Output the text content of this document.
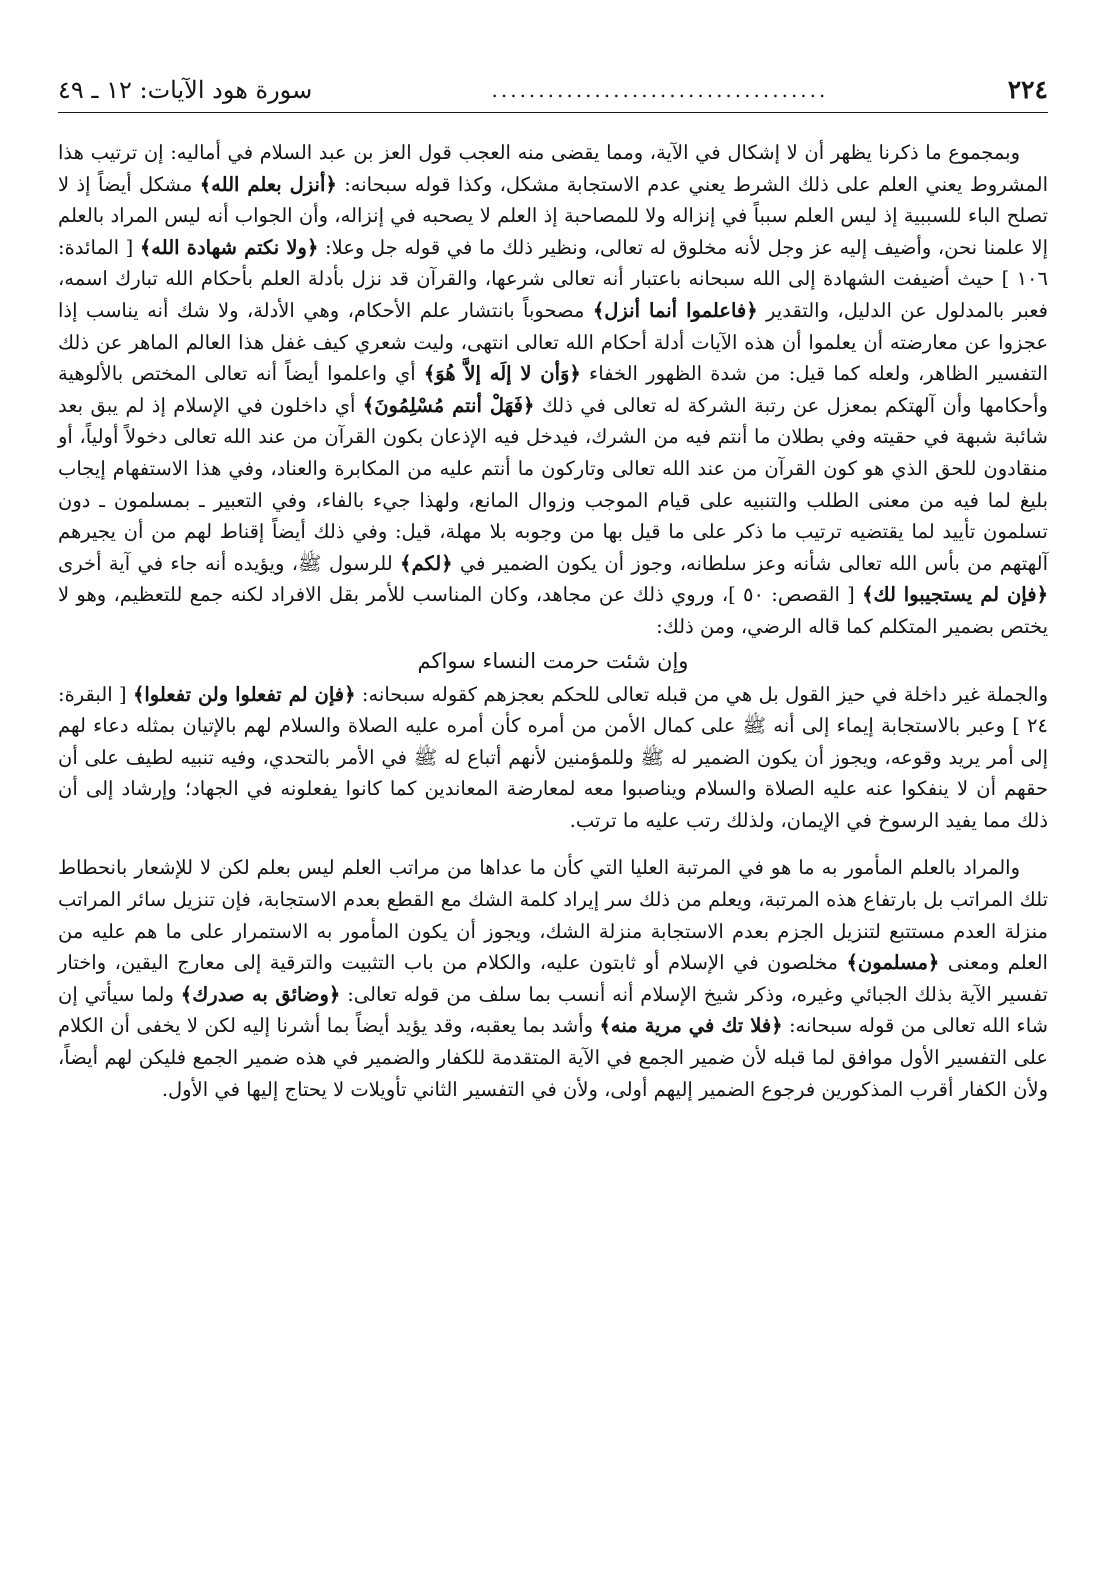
٢٢٤
....................................
سورة هود الآيات: ١٢ ـ ٤٩

وبمجموع ما ذكرنا يظهر أن لا إشكال في الآية، ومما يقضى منه العجب قول العز بن عبد السلام في أماليه: إن ترتيب هذا المشروط يعني العلم على ذلك الشرط يعني عدم الاستجابة مشكل، وكذا قوله سبحانه: ﴿أنزل بعلم الله﴾ مشكل أيضاً إذ لا تصلح الباء للسببية إذ ليس العلم سبباً في إنزاله ولا للمصاحبة إذ العلم لا يصحبه في إنزاله، وأن الجواب أنه ليس المراد بالعلم إلا علمنا نحن، وأضيف إليه عز وجل لأنه مخلوق له تعالى، ونظير ذلك ما في قوله جل وعلا: ﴿ولا نكتم شهادة الله﴾ [ المائدة: ١٠٦ ] حيث أضيفت الشهادة إلى الله سبحانه باعتبار أنه تعالى شرعها، والقرآن قد نزل بأدلة العلم بأحكام الله تبارك اسمه، فعبر بالمدلول عن الدليل، والتقدير ﴿فاعلموا أنما أنزل﴾ مصحوباً بانتشار علم الأحكام، وهي الأدلة، ولا شك أنه يناسب إذا عجزوا عن معارضته أن يعلموا أن هذه الآيات أدلة أحكام الله تعالى انتهى، وليت شعري كيف غفل هذا العالم الماهر عن ذلك التفسير الظاهر، ولعله كما قيل: من شدة الظهور الخفاء ﴿وَأن لا إلَه إلاَّ هُوَ﴾ أي واعلموا أيضاً أنه تعالى المختص بالألوهية وأحكامها وأن آلهتكم بمعزل عن رتبة الشركة له تعالى في ذلك ﴿فَهَلْ أنتم مُسْلِمُونَ﴾ أي داخلون في الإسلام إذ لم يبق بعد شائبة شبهة في حقيته وفي بطلان ما أنتم فيه من الشرك، فيدخل فيه الإذعان بكون القرآن من عند الله تعالى دخولاً أولياً، أو منقادون للحق الذي هو كون القرآن من عند الله تعالى وتاركون ما أنتم عليه من المكابرة والعناد، وفي هذا الاستفهام إيجاب بليغ لما فيه من معنى الطلب والتنبيه على قيام الموجب وزوال المانع، ولهذا جيء بالفاء، وفي التعبير ـ بمسلمون ـ دون تسلمون تأييد لما يقتضيه ترتيب ما ذكر على ما قيل بها من وجوبه بلا مهلة، قيل: وفي ذلك أيضاً إقناط لهم من أن يجيرهم آلهتهم من بأس الله تعالى شأنه وعز سلطانه، وجوز أن يكون الضمير في ﴿لكم﴾ للرسول ﷺ، ويؤيده أنه جاء في آية أخرى ﴿فإن لم يستجيبوا لك﴾ [ القصص: ٥٠ ]، وروي ذلك عن مجاهد، وكان المناسب للأمر بقل الافراد لكنه جمع للتعظيم، وهو لا يختص بضمير المتكلم كما قاله الرضي، ومن ذلك:

وإن شئت حرمت النساء سواكم

والجملة غير داخلة في حيز القول بل هي من قبله تعالى للحكم بعجزهم كقوله سبحانه: ﴿فإن لم تفعلوا ولن تفعلوا﴾ [ البقرة: ٢٤ ] وعبر بالاستجابة إيماء إلى أنه ﷺ على كمال الأمن من أمره كأن أمره عليه الصلاة والسلام لهم بالإتيان بمثله دعاء لهم إلى أمر يريد وقوعه، ويجوز أن يكون الضمير له ﷺ وللمؤمنين لأنهم أتباع له ﷺ في الأمر بالتحدي، وفيه تنبيه لطيف على أن حقهم أن لا ينفكوا عنه عليه الصلاة والسلام ويناصبوا معه لمعارضة المعاندين كما كانوا يفعلونه في الجهاد؛ وإرشاد إلى أن ذلك مما يفيد الرسوخ في الإيمان، ولذلك رتب عليه ما ترتب.

والمراد بالعلم المأمور به ما هو في المرتبة العليا التي كأن ما عداها من مراتب العلم ليس بعلم لكن لا للإشعار بانحطاط تلك المراتب بل بارتفاع هذه المرتبة، ويعلم من ذلك سر إيراد كلمة الشك مع القطع بعدم الاستجابة، فإن تنزيل سائر المراتب منزلة العدم مستتبع لتنزيل الجزم بعدم الاستجابة منزلة الشك، ويجوز أن يكون المأمور به الاستمرار على ما هم عليه من العلم ومعنى ﴿مسلمون﴾ مخلصون في الإسلام أو ثابتون عليه، والكلام من باب التثبيت والترقية إلى معارج اليقين، واختار تفسير الآية بذلك الجبائي وغيره، وذكر شيخ الإسلام أنه أنسب بما سلف من قوله تعالى: ﴿وضائق به صدرك﴾ ولما سيأتي إن شاء الله تعالى من قوله سبحانه: ﴿فلا تك في مرية منه﴾ وأشد بما يعقبه، وقد يؤيد أيضاً بما أشرنا إليه لكن لا يخفى أن الكلام على التفسير الأول موافق لما قبله لأن ضمير الجمع في الآية المتقدمة للكفار والضمير في هذه ضمير الجمع فليكن لهم أيضاً، ولأن الكفار أقرب المذكورين فرجوع الضمير إليهم أولى، ولأن في التفسير الثاني تأويلات لا يحتاج إليها في الأول.
